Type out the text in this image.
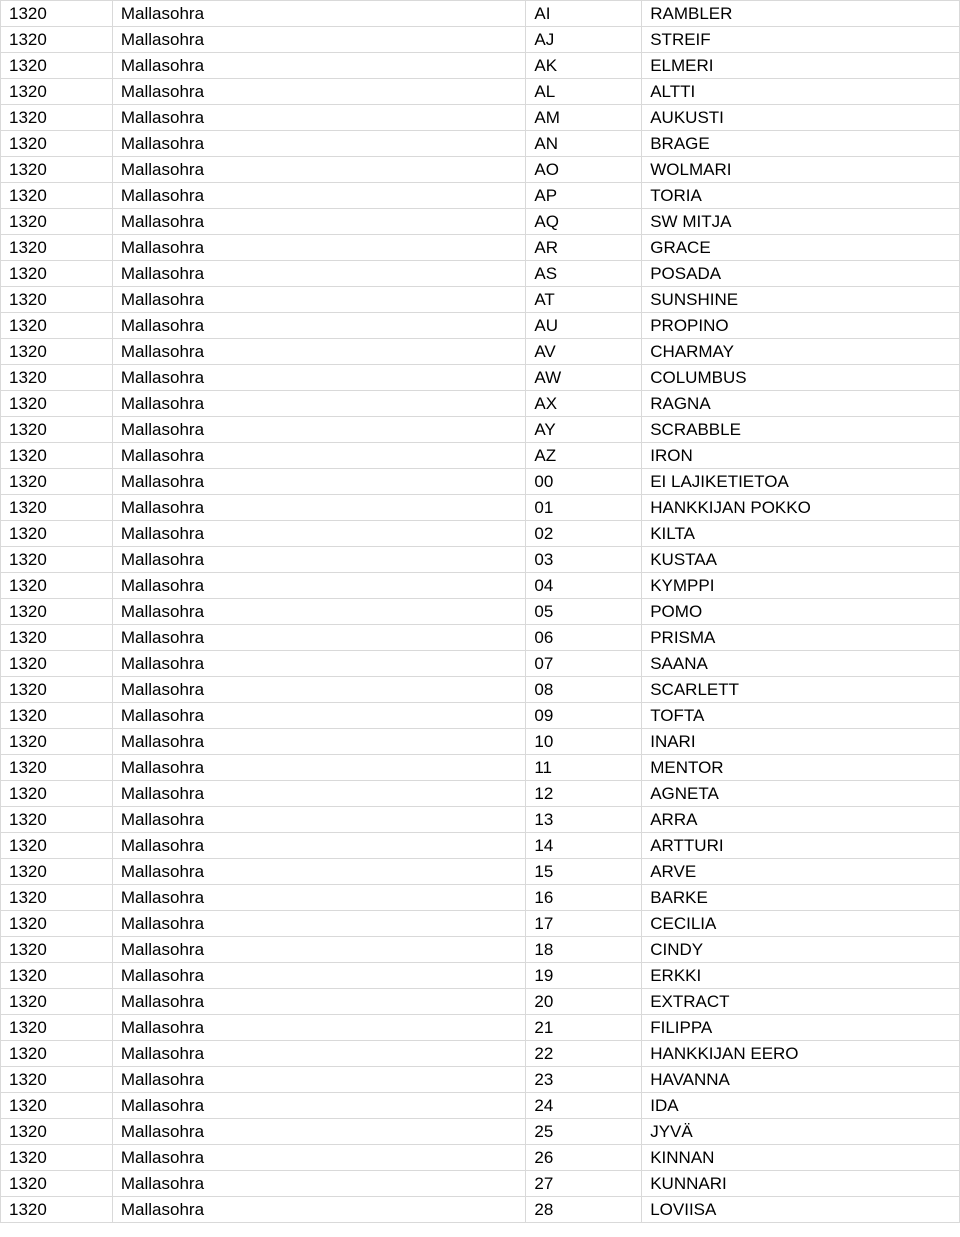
1320	Mallasohra	AI	RAMBLER
1320	Mallasohra	AJ	STREIF
1320	Mallasohra	AK	ELMERI
1320	Mallasohra	AL	ALTTI
1320	Mallasohra	AM	AUKUSTI
1320	Mallasohra	AN	BRAGE
1320	Mallasohra	AO	WOLMARI
1320	Mallasohra	AP	TORIA
1320	Mallasohra	AQ	SW MITJA
1320	Mallasohra	AR	GRACE
1320	Mallasohra	AS	POSADA
1320	Mallasohra	AT	SUNSHINE
1320	Mallasohra	AU	PROPINO
1320	Mallasohra	AV	CHARMAY
1320	Mallasohra	AW	COLUMBUS
1320	Mallasohra	AX	RAGNA
1320	Mallasohra	AY	SCRABBLE
1320	Mallasohra	AZ	IRON
1320	Mallasohra	00	EI LAJIKETIETOA
1320	Mallasohra	01	HANKKIJAN POKKO
1320	Mallasohra	02	KILTA
1320	Mallasohra	03	KUSTAA
1320	Mallasohra	04	KYMPPI
1320	Mallasohra	05	POMO
1320	Mallasohra	06	PRISMA
1320	Mallasohra	07	SAANA
1320	Mallasohra	08	SCARLETT
1320	Mallasohra	09	TOFTA
1320	Mallasohra	10	INARI
1320	Mallasohra	11	MENTOR
1320	Mallasohra	12	AGNETA
1320	Mallasohra	13	ARRA
1320	Mallasohra	14	ARTTURI
1320	Mallasohra	15	ARVE
1320	Mallasohra	16	BARKE
1320	Mallasohra	17	CECILIA
1320	Mallasohra	18	CINDY
1320	Mallasohra	19	ERKKI
1320	Mallasohra	20	EXTRACT
1320	Mallasohra	21	FILIPPA
1320	Mallasohra	22	HANKKIJAN EERO
1320	Mallasohra	23	HAVANNA
1320	Mallasohra	24	IDA
1320	Mallasohra	25	JYVÄ
1320	Mallasohra	26	KINNAN
1320	Mallasohra	27	KUNNARI
1320	Mallasohra	28	LOVIISA
